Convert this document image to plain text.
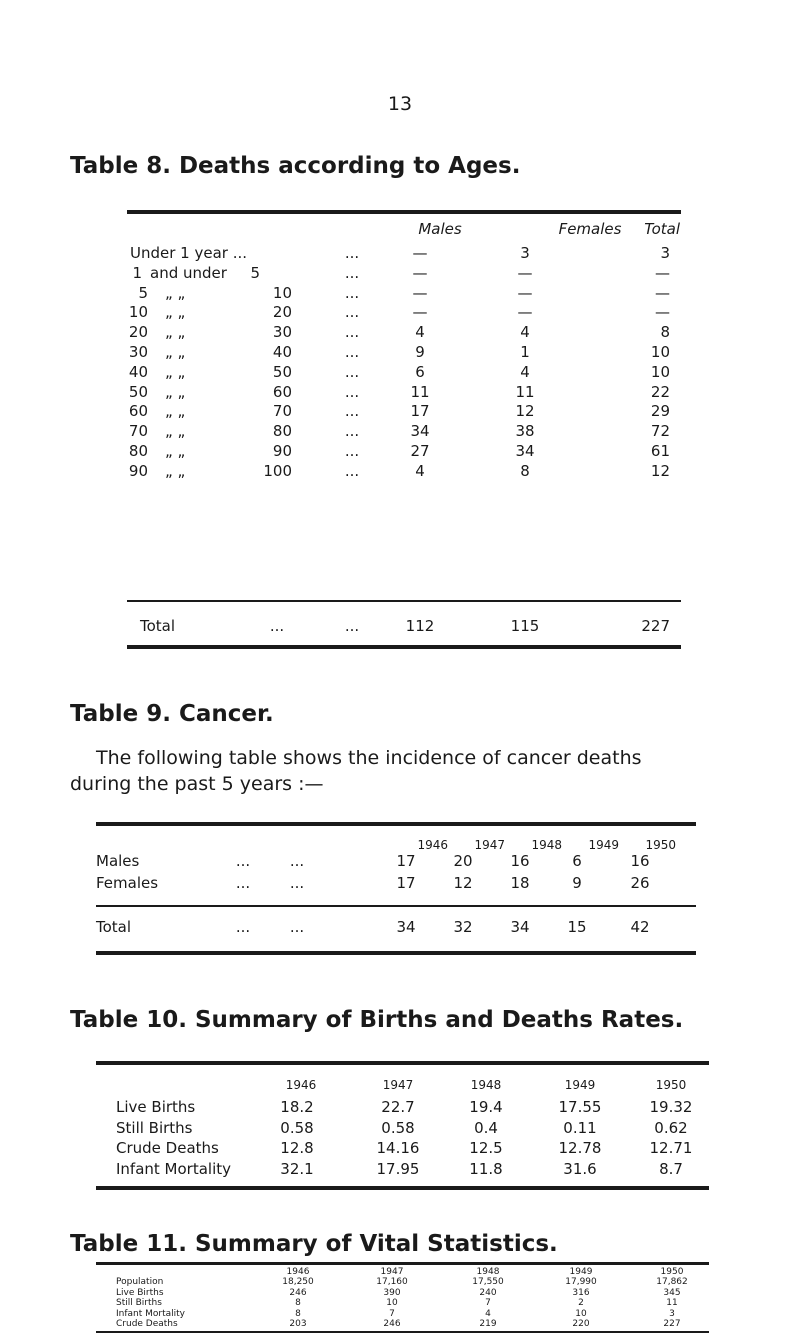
13
Table 8. Deaths according to Ages.
Males	Females	Total
Under 1 year ...	...	—	3	3
1 and under	5	...	—	—	—
5 „ „	10	...	—	—	—
10 „ „	20	...	—	—	—
20 „ „	30	...	4	4	8
30 „ „	40	...	9	1	10
40 „ „	50	...	6	4	10
50 „ „	60	...	11	11	22
60 „ „	70	...	17	12	29
70 „ „	80	...	34	38	72
80 „ „	90	...	27	34	61
90 „ „	100	...	4	8	12
Total	...	...	112	115	227
Table 9. Cancer.
The following table shows the incidence of cancer deaths
during the past 5 years :—
1946	1947	1948	1949	1950
Males	...	...	17	20	16	6	16
Females	...	...	17	12	18	9	26
Total	...	...	34	32	34	15	42
Table 10. Summary of Births and Deaths Rates.
1946	1947	1948	1949	1950
Live Births	18.2	22.7	19.4	17.55	19.32
Still Births	0.58	0.58	0.4	0.11	0.62
Crude Deaths	12.8	14.16	12.5	12.78	12.71
Infant Mortality	32.1	17.95	11.8	31.6	8.7
Table 11. Summary of Vital Statistics.
1946	1947	1948	1949	1950
Population	18,250	17,160	17,550	17,990	17,862
Live Births	246	390	240	316	345
Still Births	8	10	7	2	11
Infant Mortality	8	7	4	10	3
Crude Deaths	203	246	219	220	227
